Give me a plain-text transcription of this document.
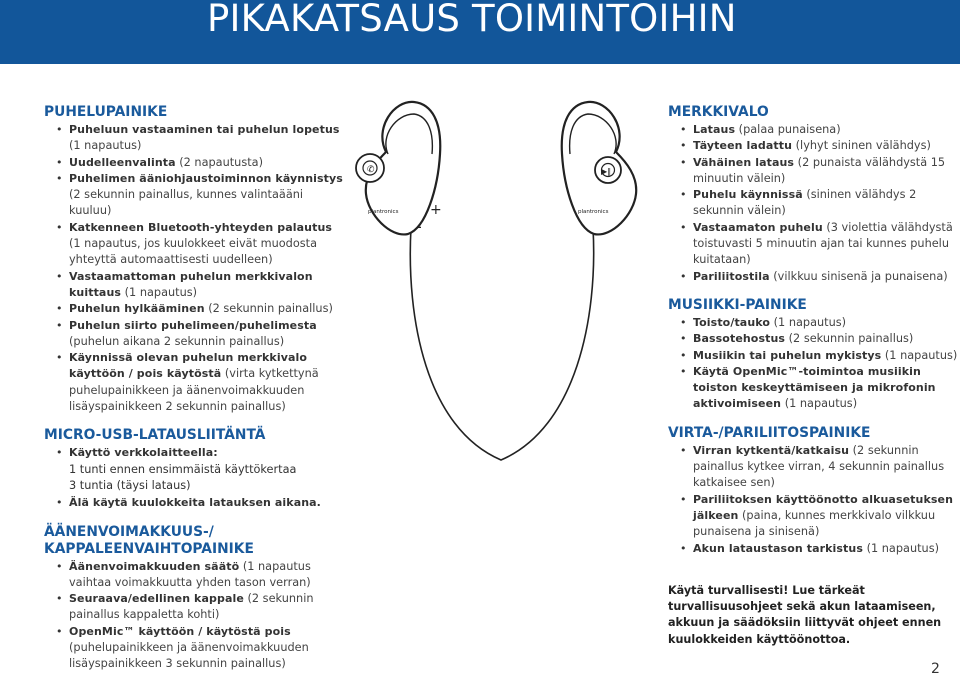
PIKAKATSAUS TOIMINTOIHIN
PUHELUPAINIKE
• Puheluun vastaaminen tai puhelun lopetus (1 napautus)
• Uudelleenvalinta (2 napautusta)
• Puhelimen ääniohjaustoiminnon käynnistys (2 sekunnin painallus, kunnes valintaääni kuuluu)
• Katkenneen Bluetooth-yhteyden palautus (1 napautus, jos kuulokkeet eivät muodosta yhteyttä automaattisesti uudelleen)
• Vastaamattoman puhelun merkkivalon kuittaus (1 napautus)
• Puhelun hylkääminen (2 sekunnin painallus)
• Puhelun siirto puhelimeen/puhelimesta (puhelun aikana 2 sekunnin painallus)
• Käynnissä olevan puhelun merkkivalo käyttöön / pois käytöstä (virta kytkettynä puhelupainikkeen ja äänenvoimakkuuden lisäyspainikkeen 2 sekunnin painallus)
MICRO-USB-LATAUSLIITÄNTÄ
• Käyttö verkkolaitteella:
1 tunti ennen ensimmäistä käyttökertaa
3 tuntia (täysi lataus)
• Älä käytä kuulokkeita latauksen aikana.
ÄÄNENVOIMAKKUUS-/
KAPPALEENVAIHTOPAINIKE
• Äänenvoimakkuuden säätö (1 napautus vaihtaa voimakkuutta yhden tason verran)
• Seuraava/edellinen kappale (2 sekunnin painallus kappaletta kohti)
• OpenMic™ käyttöön / käytöstä pois (puhelupainikkeen ja äänenvoimakkuuden lisäyspainikkeen 3 sekunnin painallus)
✆
plantronics +
-
▶∥
plantronics
MERKKIVALO
• Lataus (palaa punaisena)
• Täyteen ladattu (lyhyt sininen välähdys)
• Vähäinen lataus (2 punaista välähdystä 15 minuutin välein)
• Puhelu käynnissä (sininen välähdys 2 sekunnin välein)
• Vastaamaton puhelu (3 violettia välähdystä toistuvasti 5 minuutin ajan tai kunnes puhelu kuitataan)
• Pariliitostila (vilkkuu sinisenä ja punaisena)
MUSIIKKI-PAINIKE
• Toisto/tauko (1 napautus)
• Bassotehostus (2 sekunnin painallus)
• Musiikin tai puhelun mykistys (1 napautus)
• Käytä OpenMic™-toimintoa musiikin toiston keskeyttämiseen ja mikrofonin aktivoimiseen (1 napautus)
VIRTA-/PARILIITOSPAINIKE
• Virran kytkentä/katkaisu (2 sekunnin painallus kytkee virran, 4 sekunnin painallus katkaisee sen)
• Pariliitoksen käyttöönotto alkuasetuksen jälkeen (paina, kunnes merkkivalo vilkkuu punaisena ja sinisenä)
• Akun lataustason tarkistus (1 napautus)
Käytä turvallisesti! Lue tärkeät turvallisuusohjeet sekä akun lataamiseen, akkuun ja säädöksiin liittyvät ohjeet ennen kuulokkeiden käyttöönottoa.
2
